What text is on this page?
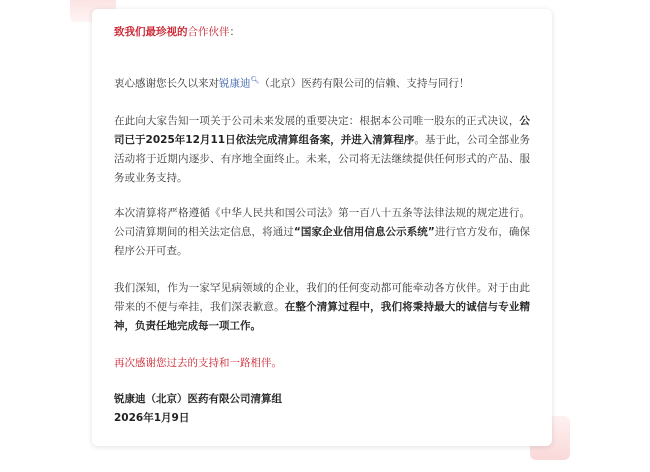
致我们最珍视的合作伙伴：

衷心感谢您长久以来对锐康迪🔍︎（北京）医药有限公司的信赖、支持与同行！

在此向大家告知一项关于公司未来发展的重要决定：根据本公司唯一股东的正式决议，公司已于2025年12月11日依法完成清算组备案，并进入清算程序。基于此，公司全部业务活动将于近期内逐步、有序地全面终止。未来，公司将无法继续提供任何形式的产品、服务或业务支持。

本次清算将严格遵循《中华人民共和国公司法》第一百八十五条等法律法规的规定进行。公司清算期间的相关法定信息，将通过“国家企业信用信息公示系统”进行官方发布，确保程序公开可查。

我们深知，作为一家罕见病领域的企业，我们的任何变动都可能牵动各方伙伴。对于由此带来的不便与牵挂，我们深表歉意。在整个清算过程中，我们将秉持最大的诚信与专业精神，负责任地完成每一项工作。

再次感谢您过去的支持和一路相伴。

锐康迪（北京）医药有限公司清算组

2026年1月9日
